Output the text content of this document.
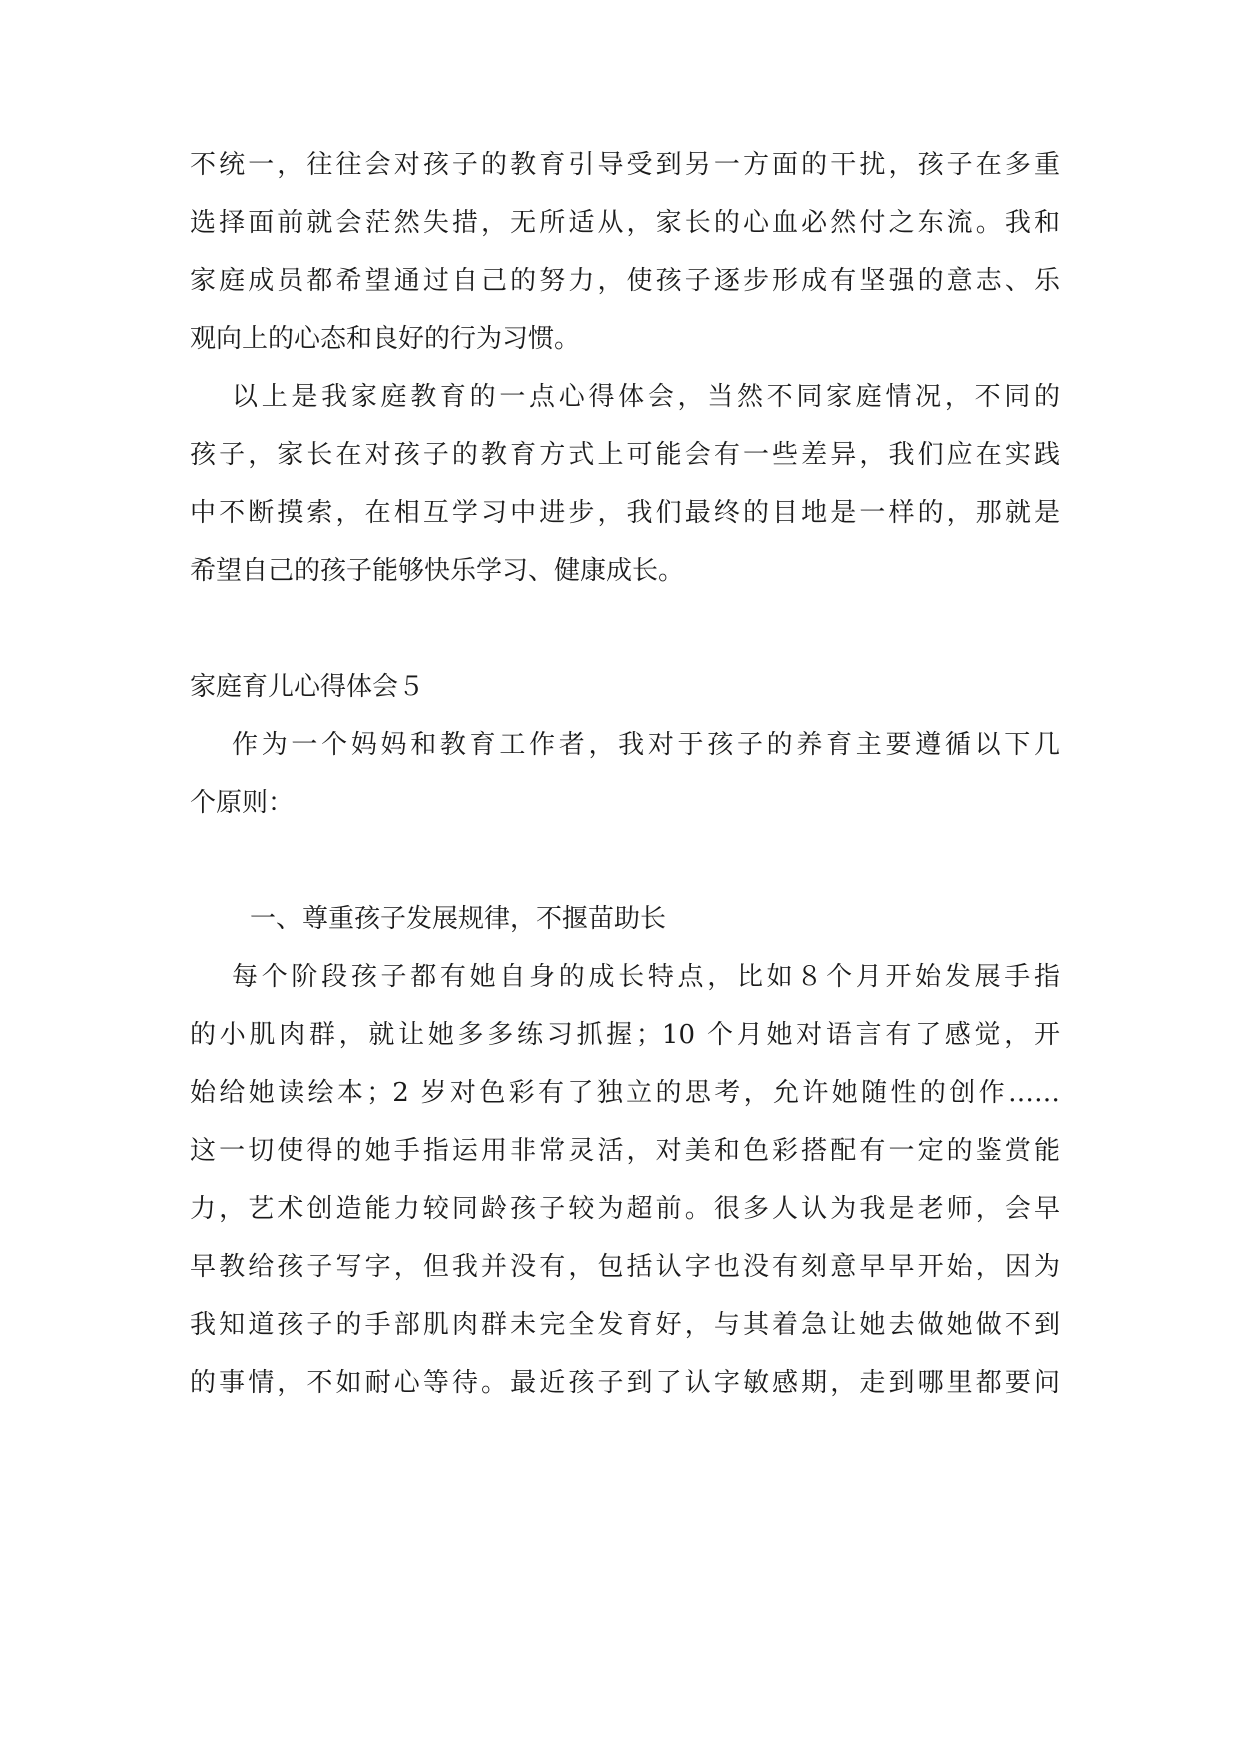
不统一，往往会对孩子的教育引导受到另一方面的干扰，孩子在多重
选择面前就会茫然失措，无所适从，家长的心血必然付之东流。我和
家庭成员都希望通过自己的努力，使孩子逐步形成有坚强的意志、乐
观向上的心态和良好的行为习惯。
以上是我家庭教育的一点心得体会，当然不同家庭情况，不同的
孩子，家长在对孩子的教育方式上可能会有一些差异，我们应在实践
中不断摸索，在相互学习中进步，我们最终的目地是一样的，那就是
希望自己的孩子能够快乐学习、健康成长。
家庭育儿心得体会５
作为一个妈妈和教育工作者，我对于孩子的养育主要遵循以下几
个原则：
一、尊重孩子发展规律，不揠苗助长
每个阶段孩子都有她自身的成长特点，比如８个月开始发展手指
的小肌肉群，就让她多多练习抓握；10 个月她对语言有了感觉，开
始给她读绘本；2 岁对色彩有了独立的思考，允许她随性的创作……
这一切使得的她手指运用非常灵活，对美和色彩搭配有一定的鉴赏能
力，艺术创造能力较同龄孩子较为超前。很多人认为我是老师，会早
早教给孩子写字，但我并没有，包括认字也没有刻意早早开始，因为
我知道孩子的手部肌肉群未完全发育好，与其着急让她去做她做不到
的事情，不如耐心等待。最近孩子到了认字敏感期，走到哪里都要问
